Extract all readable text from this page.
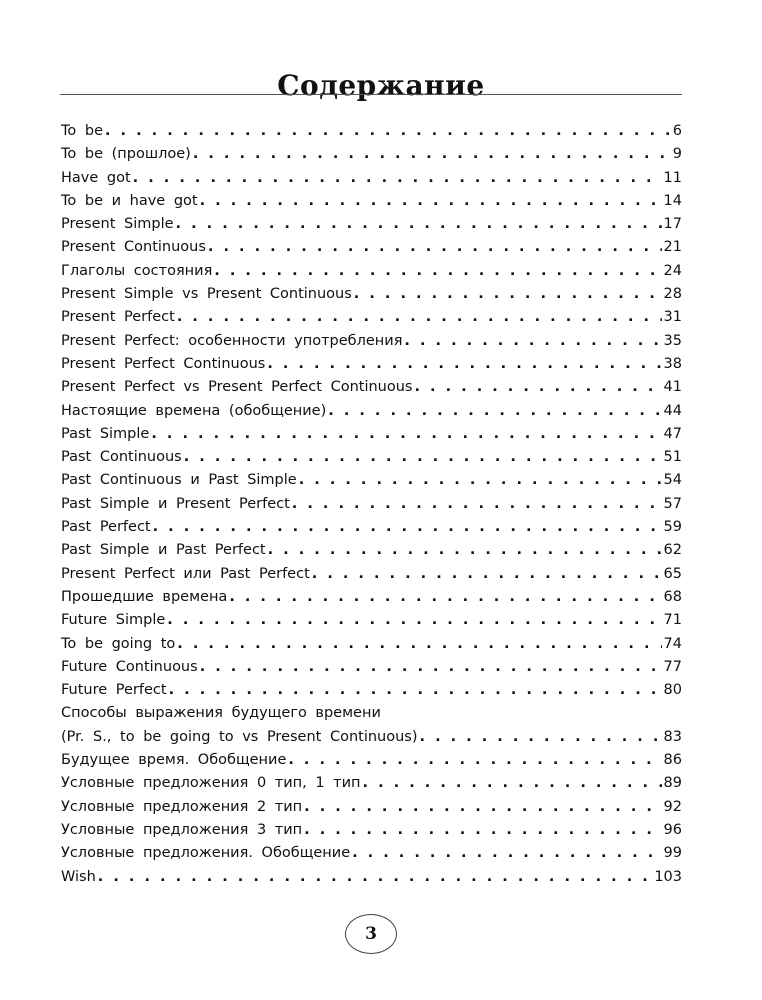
Содержание
To be . . .	6
To be (прошлое) . . .	9
Have got . . .	11
To be и have got . . .	14
Present Simple . . .	17
Present Continuous . . .	21
Глаголы состояния . . .	24
Present Simple vs Present Continuous . . .	28
Present Perfect . . .	31
Present Perfect: особенности употребления . . .	35
Present Perfect Continuous . . .	38
Present Perfect vs Present Perfect Continuous . . .	41
Настоящие времена (обобщение) . . .	44
Past Simple . . .	47
Past Continuous . . .	51
Past Continuous и Past Simple . . .	54
Past Simple и Present Perfect . . .	57
Past Perfect . . .	59
Past Simple и Past Perfect . . .	62
Present Perfect или Past Perfect . . .	65
Прошедшие времена . . .	68
Future Simple . . .	71
To be going to . . .	74
Future Continuous . . .	77
Future Perfect . . .	80
Способы выражения будущего времени
(Pr. S., to be going to vs Present Continuous) . . .	83
Будущее время. Обобщение . . .	86
Условные предложения 0 тип, 1 тип . . .	89
Условные предложения 2 тип . . .	92
Условные предложения 3 тип . . .	96
Условные предложения. Обобщение . . .	99
Wish . . .	103
3
